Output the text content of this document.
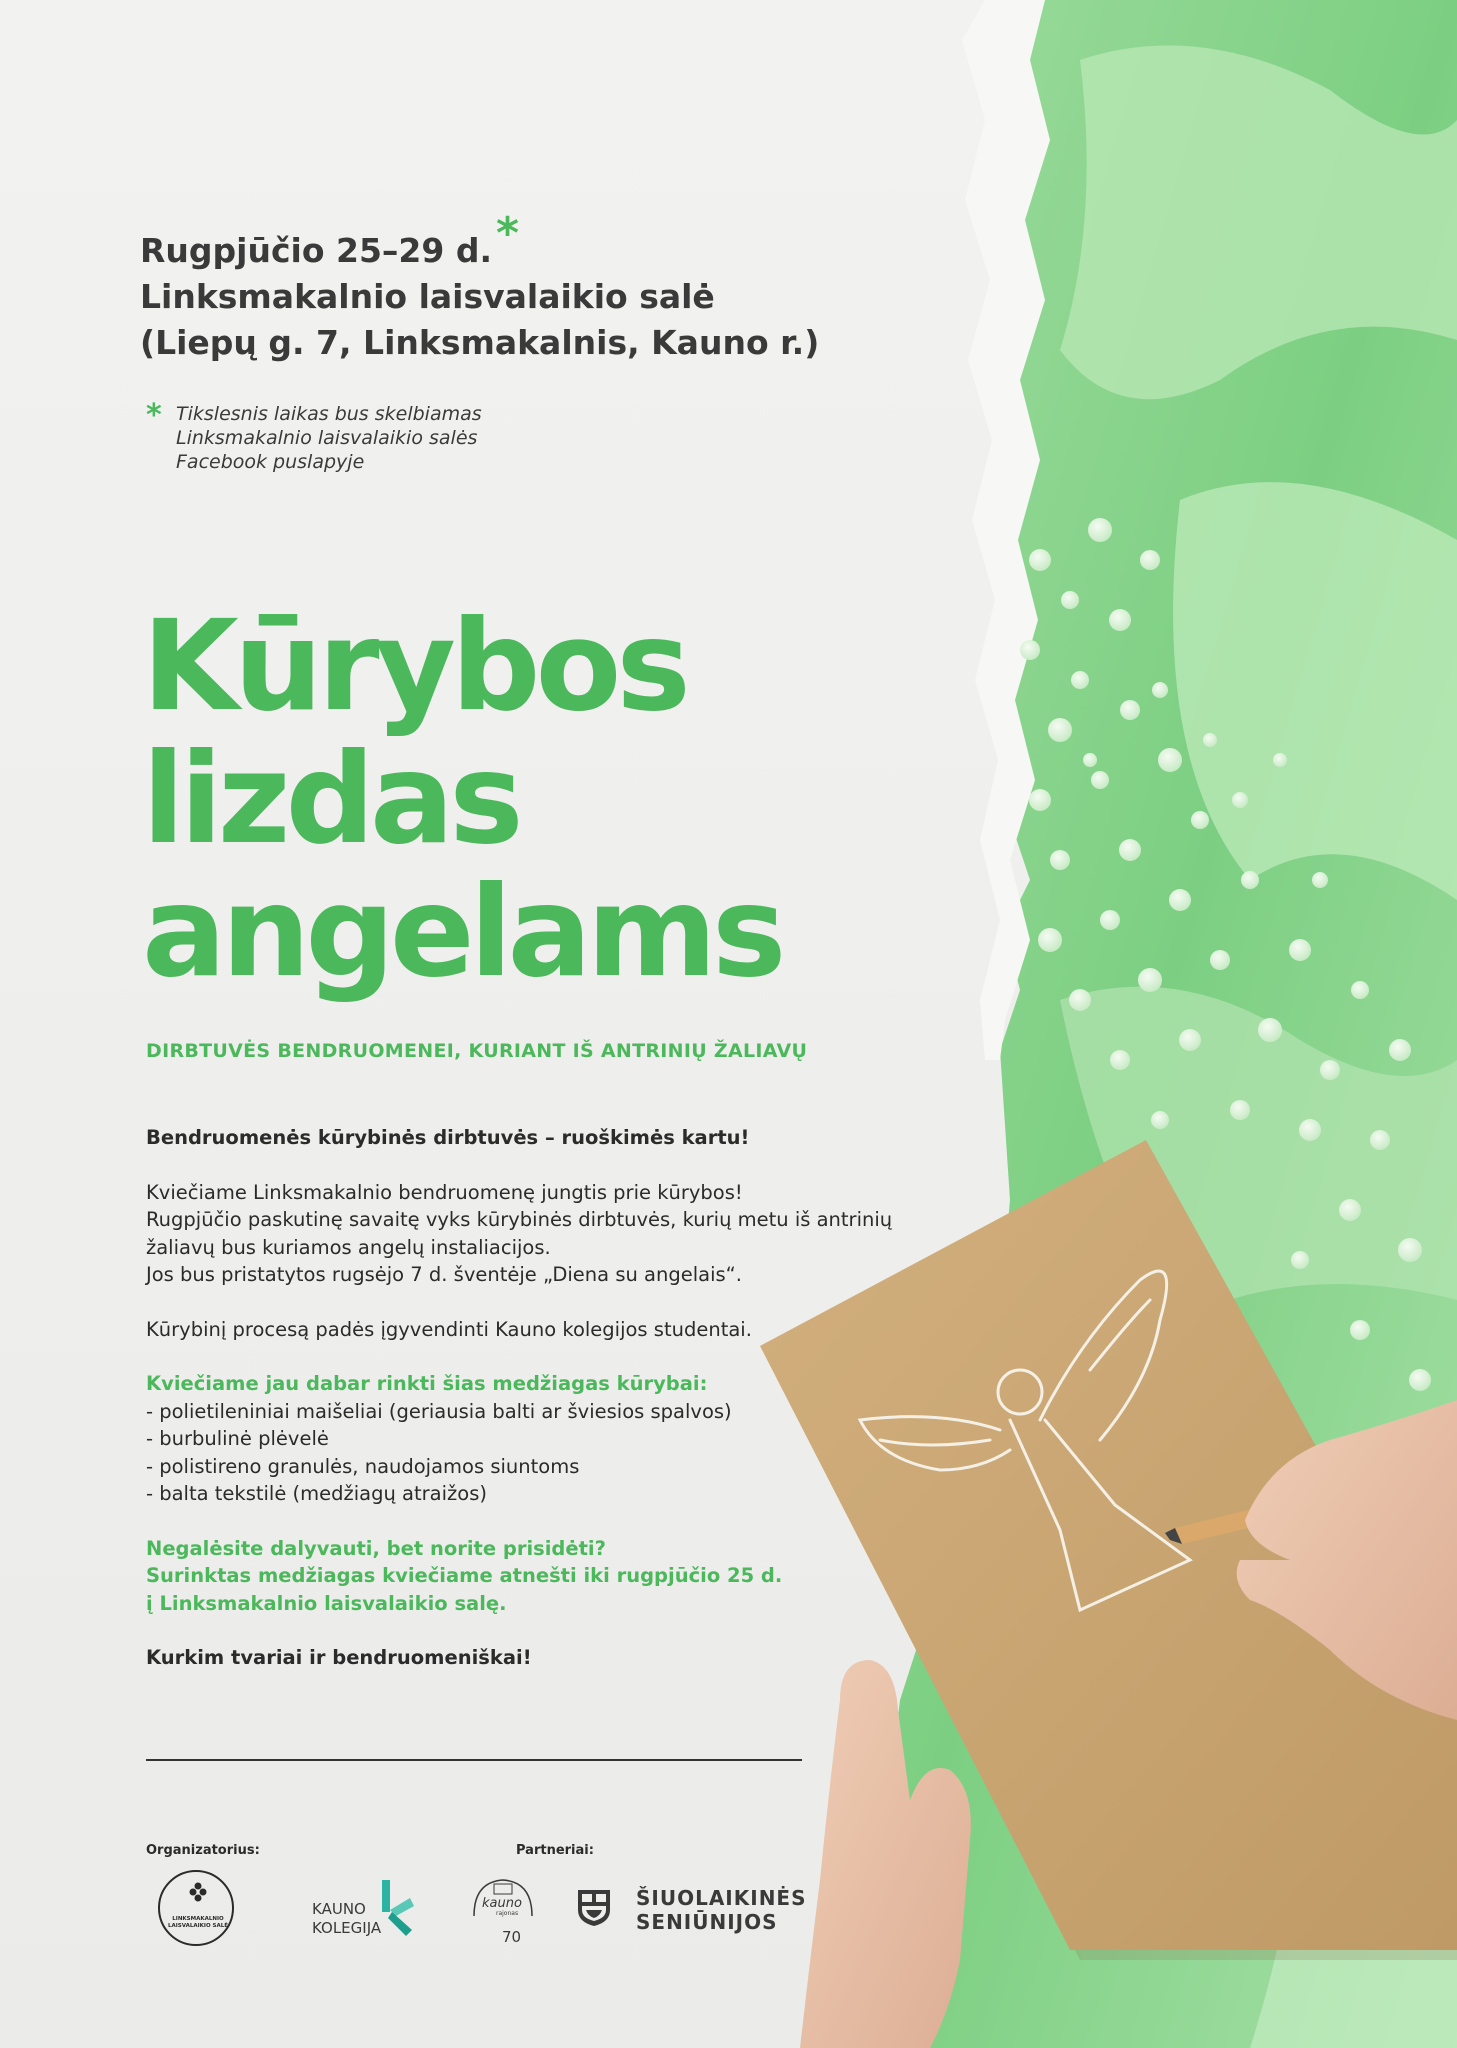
Rugpjūčio 25–29 d.*
Linksmakalnio laisvalaikio salė
(Liepų g. 7, Linksmakalnis, Kauno r.)
* Tikslesnis laikas bus skelbiamas
Linksmakalnio laisvalaikio salės
Facebook puslapyje
Kūrybos
lizdas
angelams
DIRBTUVĖS BENDRUOMENEI, KURIANT IŠ ANTRINIŲ ŽALIAVŲ

Bendruomenės kūrybinės dirbtuvės – ruoškimės kartu!

Kviečiame Linksmakalnio bendruomenę jungtis prie kūrybos!

Rugpjūčio paskutinę savaitę vyks kūrybinės dirbtuvės, kurių metu iš antrinių

žaliavų bus kuriamos angelų instaliacijos.

Jos bus pristatytos rugsėjo 7 d. šventėje „Diena su angelais“.

Kūrybinį procesą padės įgyvendinti Kauno kolegijos studentai.

Kviečiame jau dabar rinkti šias medžiagas kūrybai:

- polietileniniai maišeliai (geriausia balti ar šviesios spalvos)

- burbulinė plėvelė

- polistireno granulės, naudojamos siuntoms

- balta tekstilė (medžiagų atraižos)

Negalėsite dalyvauti, bet norite prisidėti?

Surinktas medžiagas kviečiame atnešti iki rugpjūčio 25 d.

į Linksmakalnio laisvalaikio salę.

Kurkim tvariai ir bendruomeniškai!

Organizatorius:	Partneriai:
LINKSMAKALNIO
LAISVALAIKIO SALĖ
KAUNO
KOLEGIJA
kauno
rajonas
70
ŠIUOLAIKINĖS
SENIŪNIJOS
